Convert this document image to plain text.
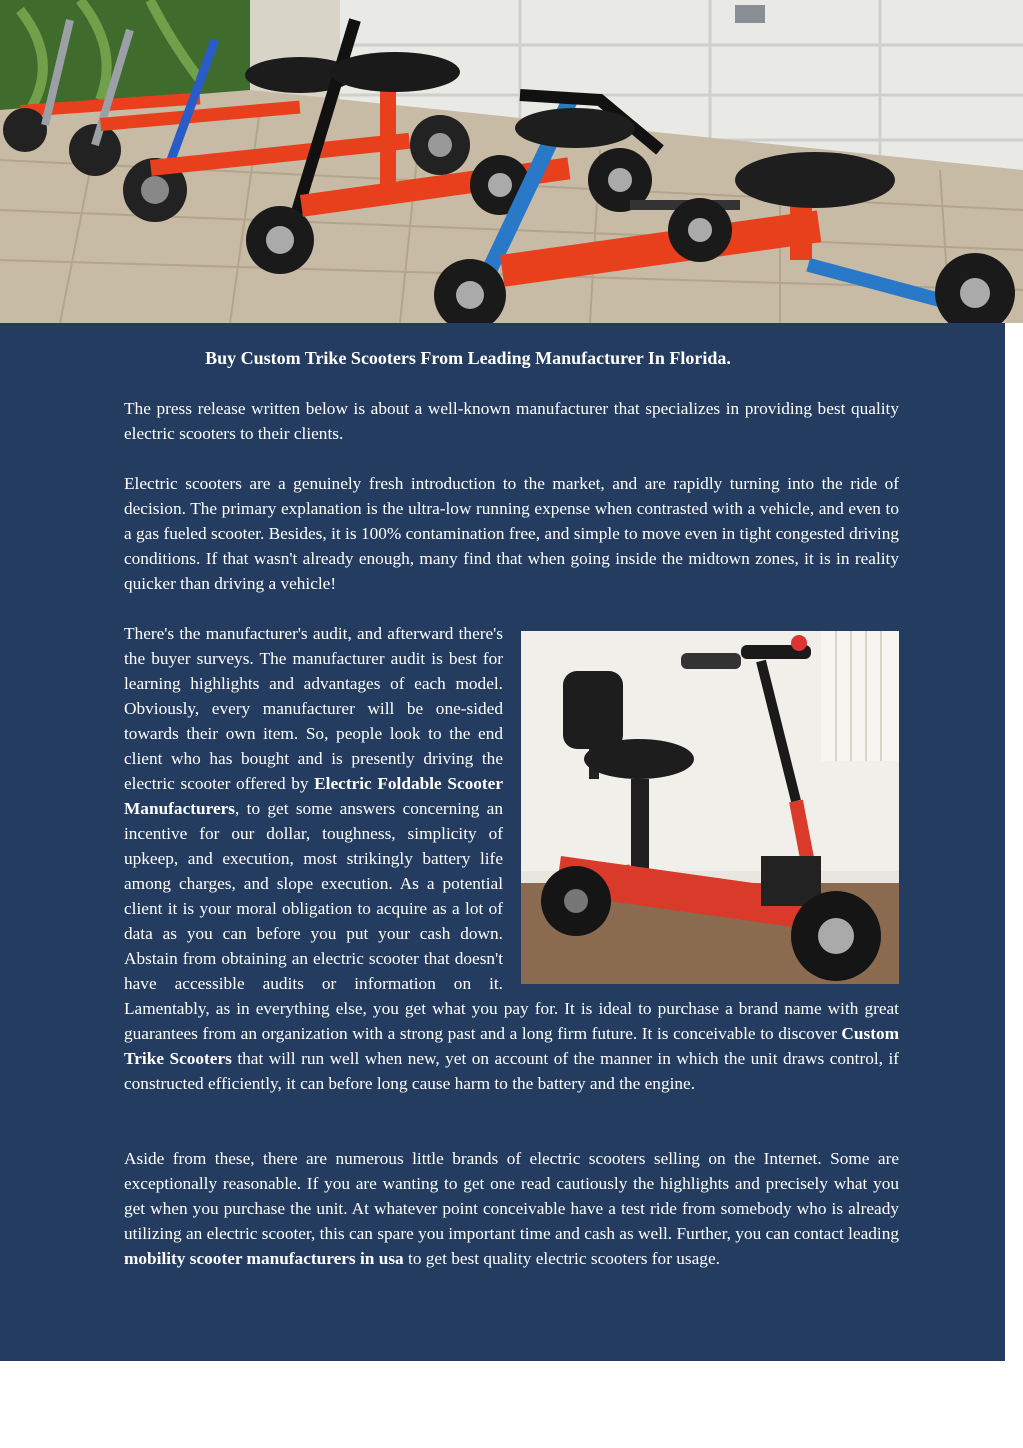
Buy Custom Trike Scooters From Leading Manufacturer In Florida.

The press release written below is about a well-known manufacturer that specializes in providing best quality electric scooters to their clients.

Electric scooters are a genuinely fresh introduction to the market, and are rapidly turning into the ride of decision. The primary explanation is the ultra-low running expense when contrasted with a vehicle, and even to a gas fueled scooter. Besides, it is 100% contamination free, and simple to move even in tight congested driving conditions. If that wasn't already enough, many find that when going inside the midtown zones, it is in reality quicker than driving a vehicle!

There's the manufacturer's audit, and afterward there's the buyer surveys. The manufacturer audit is best for learning highlights and advantages of each model. Obviously, every manufacturer will be one-sided towards their own item. So, people look to the end client who has bought and is presently driving the electric scooter offered by Electric Foldable Scooter Manufacturers, to get some answers concerning an incentive for our dollar, toughness, simplicity of upkeep, and execution, most strikingly battery life among charges, and slope execution. As a potential client it is your moral obligation to acquire as a lot of data as you can before you put your cash down. Abstain from obtaining an electric scooter that doesn't have accessible audits or information on it. Lamentably, as in everything else, you get what you pay for. It is ideal to purchase a brand name with great guarantees from an organization with a strong past and a long firm future. It is conceivable to discover Custom Trike Scooters that will run well when new, yet on account of the manner in which the unit draws control, if constructed efficiently, it can before long cause harm to the battery and the engine.

Aside from these, there are numerous little brands of electric scooters selling on the Internet. Some are exceptionally reasonable. If you are wanting to get one read cautiously the highlights and precisely what you get when you purchase the unit. At whatever point conceivable have a test ride from somebody who is already utilizing an electric scooter, this can spare you important time and cash as well. Further, you can contact leading mobility scooter manufacturers in usa to get best quality electric scooters for usage.
